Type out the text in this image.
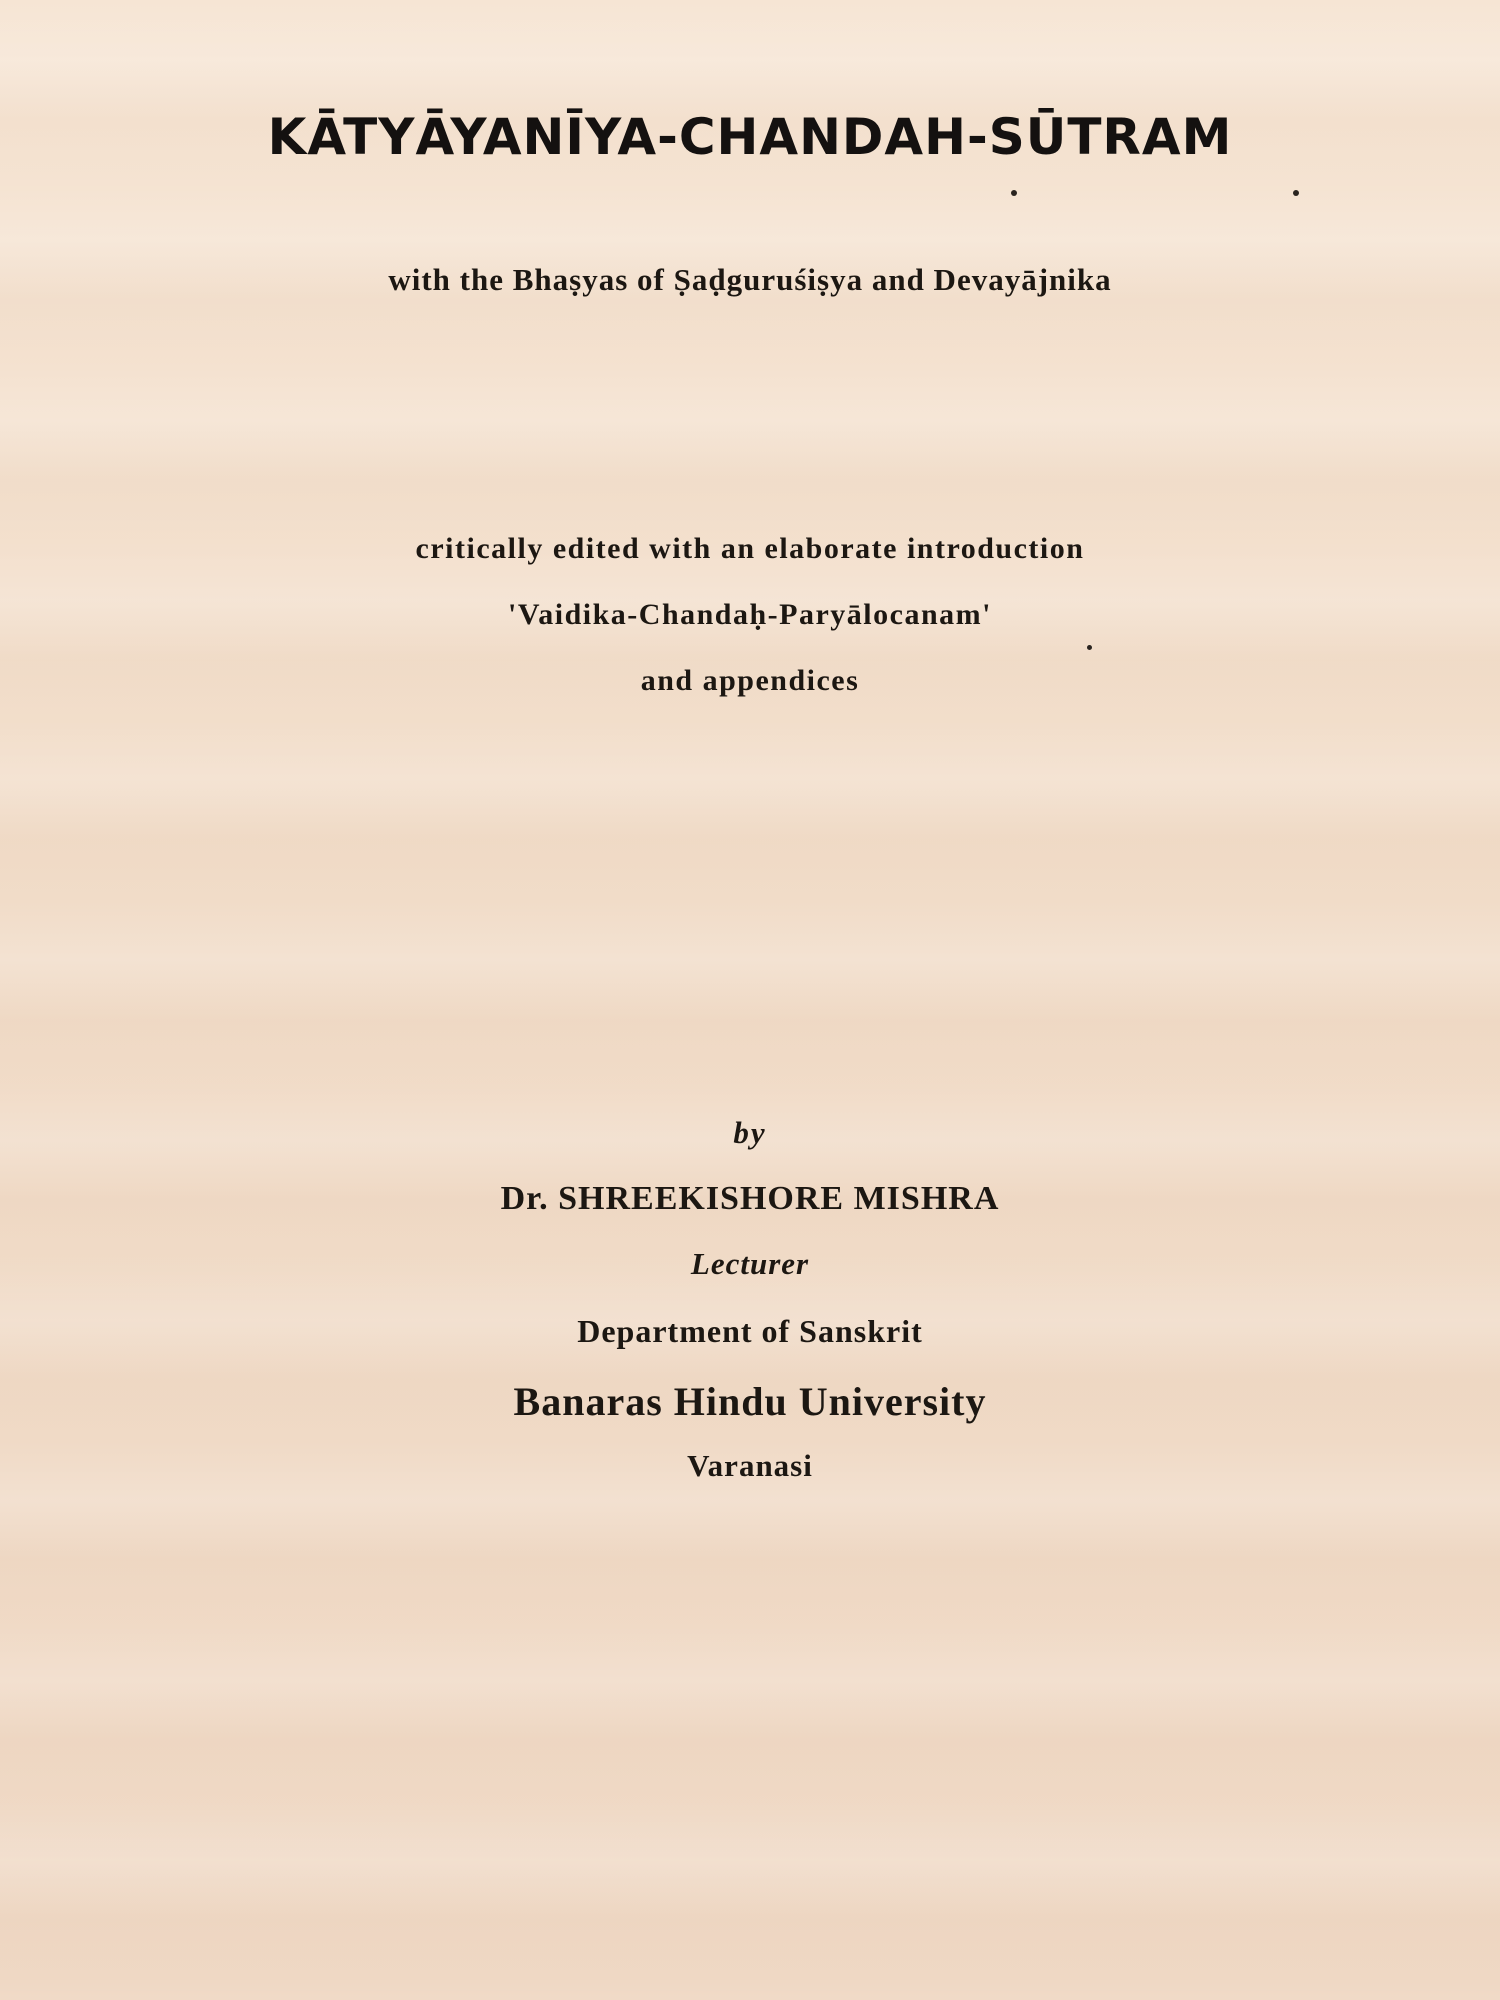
KĀTYĀYANĪYA-CHANDAH-SŪTRAM
with the Bhaṣyas of Ṣaḍguruśiṣya and Devayājnika
critically edited with an elaborate introduction
'Vaidika-Chandaḥ-Paryālocanam'
and appendices
by
Dr. SHREEKISHORE MISHRA
Lecturer
Department of Sanskrit
Banaras Hindu University
Varanasi
